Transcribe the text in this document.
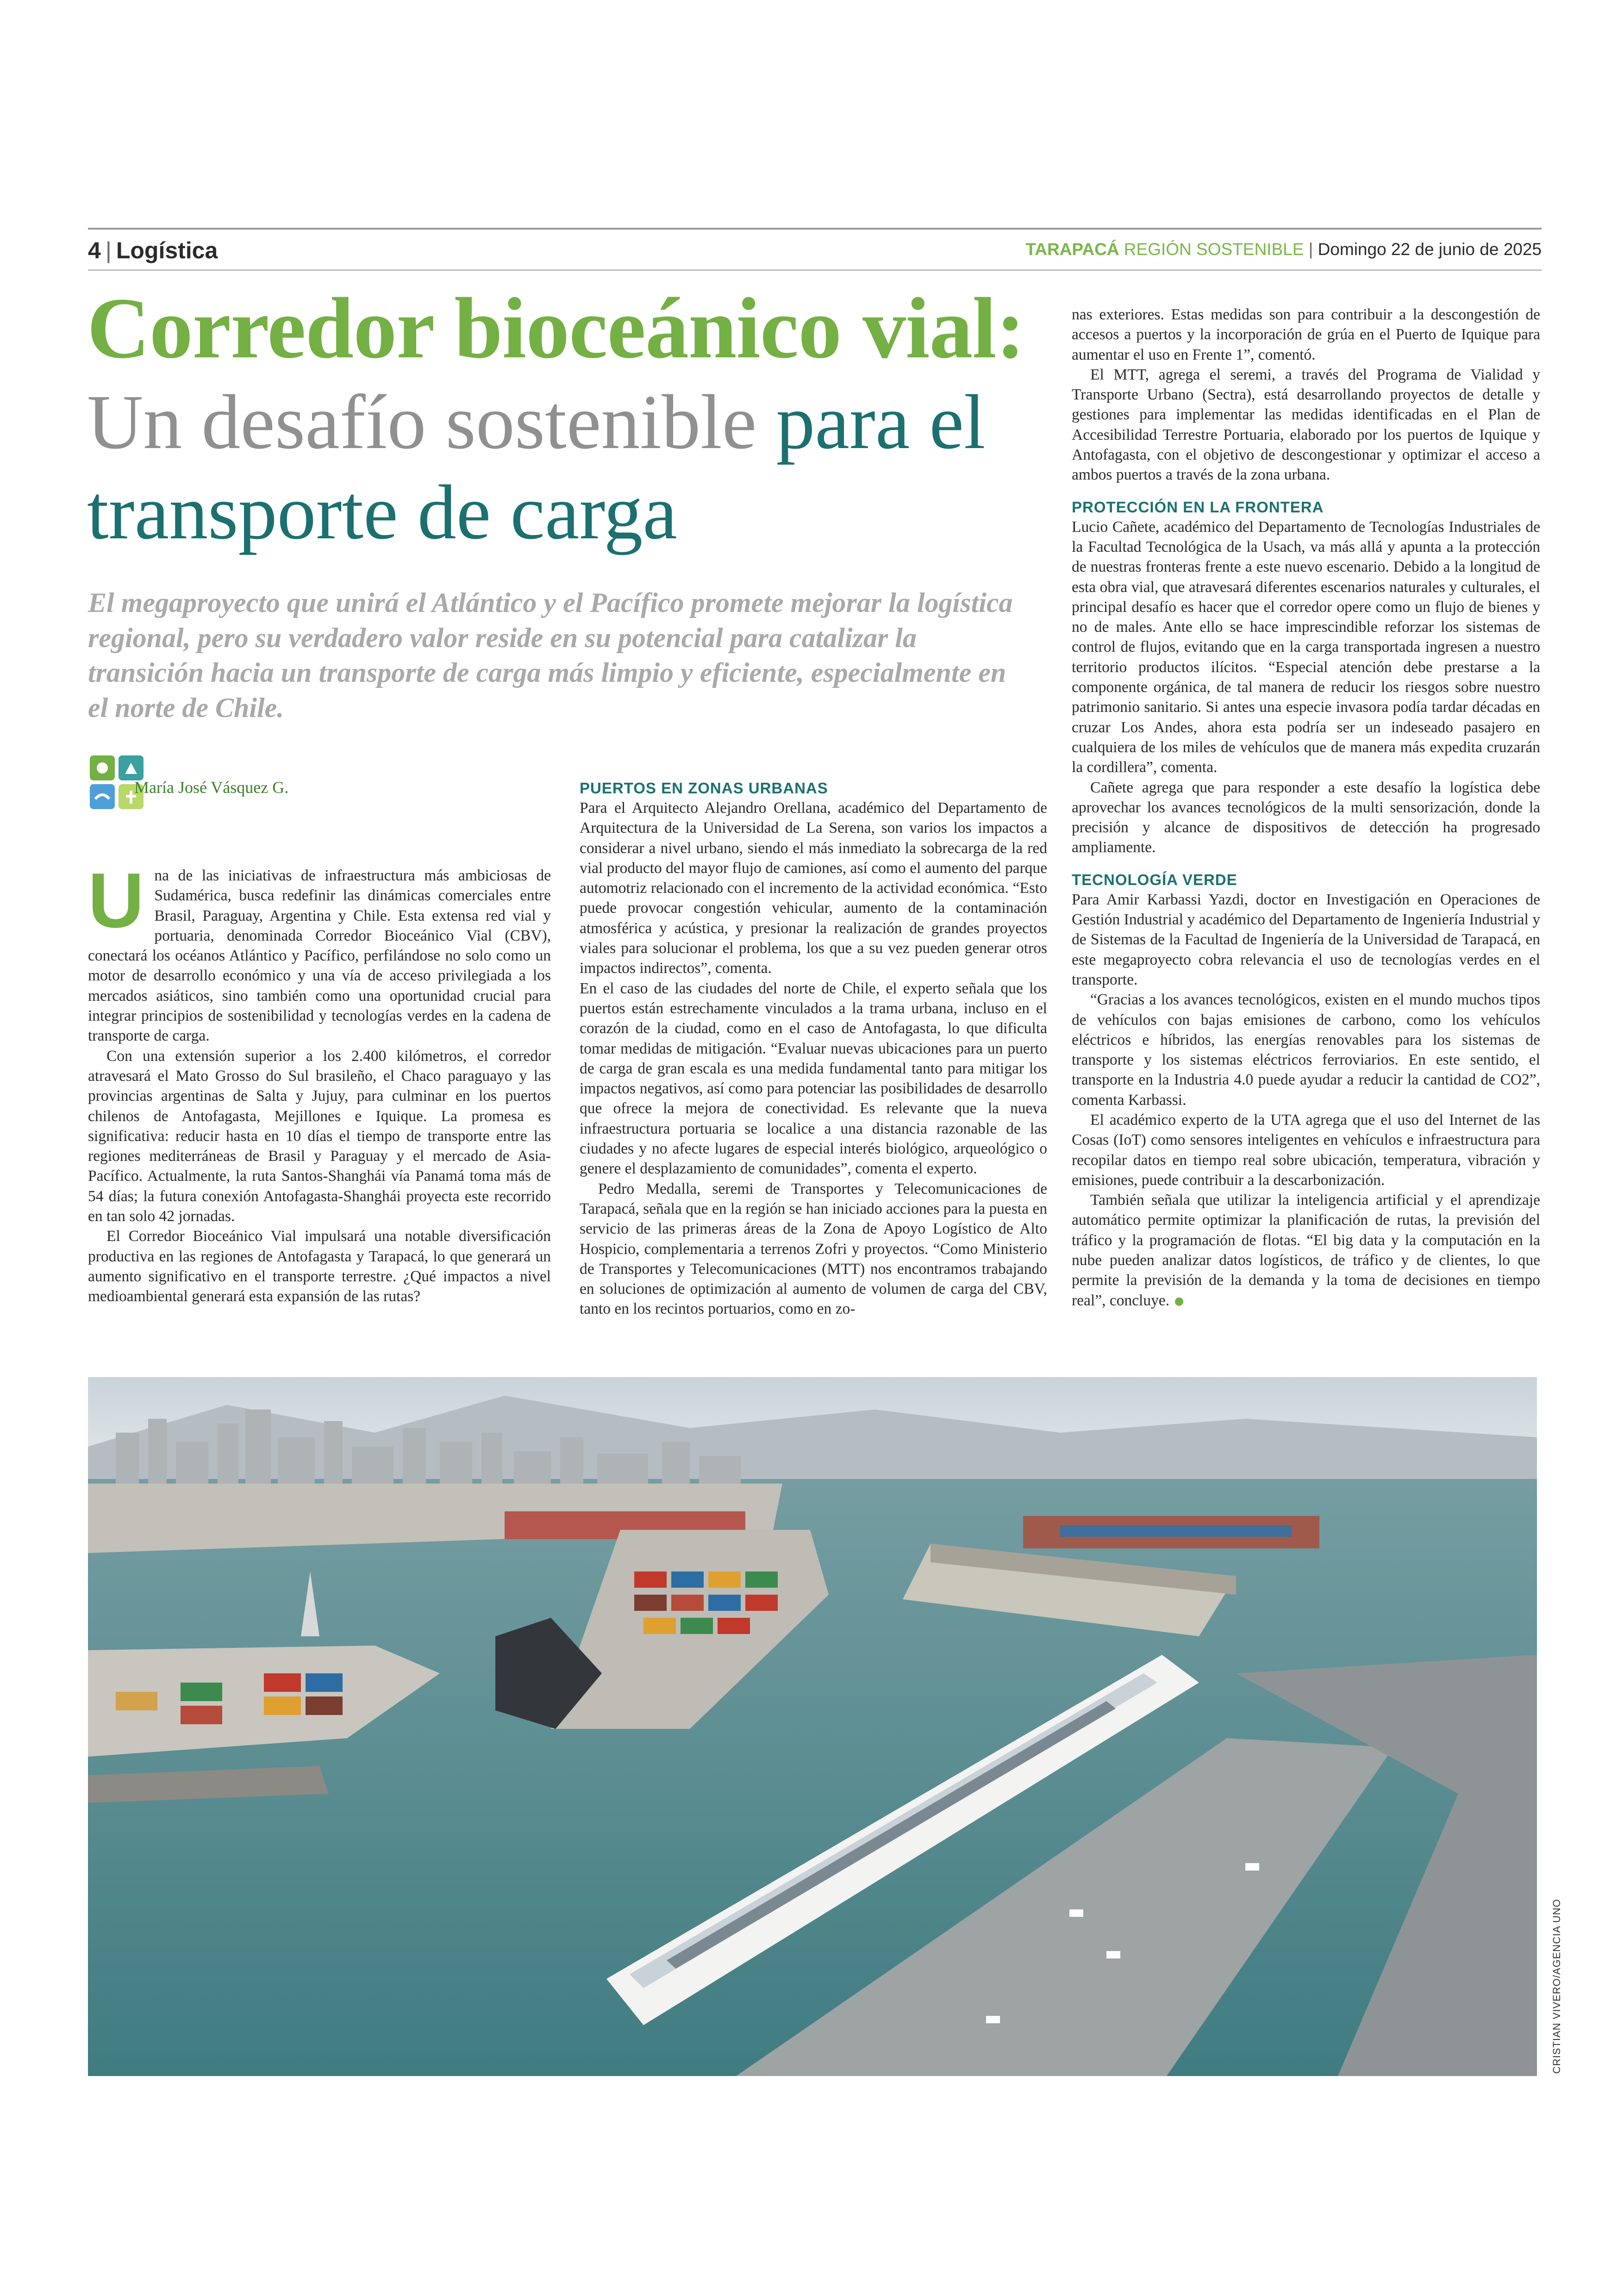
4 | Logística	TARAPACÁ REGIÓN SOSTENIBLE | Domingo 22 de junio de 2025
Corredor bioceánico vial:
Un desafío sostenible para el
transporte de carga
El megaproyecto que unirá el Atlántico y el Pacífico promete mejorar la logística regional, pero su verdadero valor reside en su potencial para catalizar la transición hacia un transporte de carga más limpio y eficiente, especialmente en el norte de Chile.
María José Vásquez G.

Una de las iniciativas de infraestructura más ambiciosas de Sudamérica, busca redefinir las dinámicas comerciales entre Brasil, Paraguay, Argentina y Chile. Esta extensa red vial y portuaria, denominada Corredor Bioceánico Vial (CBV), conectará los océanos Atlántico y Pacífico, perfilándose no solo como un motor de desarrollo económico y una vía de acceso privilegiada a los mercados asiáticos, sino también como una oportunidad crucial para integrar principios de sostenibilidad y tecnologías verdes en la cadena de transporte de carga.

Con una extensión superior a los 2.400 kilómetros, el corredor atravesará el Mato Grosso do Sul brasileño, el Chaco paraguayo y las provincias argentinas de Salta y Jujuy, para culminar en los puertos chilenos de Antofagasta, Mejillones e Iquique. La promesa es significativa: reducir hasta en 10 días el tiempo de transporte entre las regiones mediterráneas de Brasil y Paraguay y el mercado de Asia-Pacífico. Actualmente, la ruta Santos-Shanghái vía Panamá toma más de 54 días; la futura conexión Antofagasta-Shanghái proyecta este recorrido en tan solo 42 jornadas.

El Corredor Bioceánico Vial impulsará una notable diversificación productiva en las regiones de Antofagasta y Tarapacá, lo que generará un aumento significativo en el transporte terrestre. ¿Qué impactos a nivel medioambiental generará esta expansión de las rutas?

PUERTOS EN ZONAS URBANAS

Para el Arquitecto Alejandro Orellana, académico del Departamento de Arquitectura de la Universidad de La Serena, son varios los impactos a considerar a nivel urbano, siendo el más inmediato la sobrecarga de la red vial producto del mayor flujo de camiones, así como el aumento del parque automotriz relacionado con el incremento de la actividad económica. “Esto puede provocar congestión vehicular, aumento de la contaminación atmosférica y acústica, y presionar la realización de grandes proyectos viales para solucionar el problema, los que a su vez pueden generar otros impactos indirectos”, comenta.

En el caso de las ciudades del norte de Chile, el experto señala que los puertos están estrechamente vinculados a la trama urbana, incluso en el corazón de la ciudad, como en el caso de Antofagasta, lo que dificulta tomar medidas de mitigación. “Evaluar nuevas ubicaciones para un puerto de carga de gran escala es una medida fundamental tanto para mitigar los impactos negativos, así como para potenciar las posibilidades de desarrollo que ofrece la mejora de conectividad. Es relevante que la nueva infraestructura portuaria se localice a una distancia razonable de las ciudades y no afecte lugares de especial interés biológico, arqueológico o genere el desplazamiento de comunidades”, comenta el experto.

Pedro Medalla, seremi de Transportes y Telecomunicaciones de Tarapacá, señala que en la región se han iniciado acciones para la puesta en servicio de las primeras áreas de la Zona de Apoyo Logístico de Alto Hospicio, complementaria a terrenos Zofri y proyectos. “Como Ministerio de Transportes y Telecomunicaciones (MTT) nos encontramos trabajando en soluciones de optimización al aumento de volumen de carga del CBV, tanto en los recintos portuarios, como en zo-

nas exteriores. Estas medidas son para contribuir a la descongestión de accesos a puertos y la incorporación de grúa en el Puerto de Iquique para aumentar el uso en Frente 1”, comentó.

El MTT, agrega el seremi, a través del Programa de Vialidad y Transporte Urbano (Sectra), está desarrollando proyectos de detalle y gestiones para implementar las medidas identificadas en el Plan de Accesibilidad Terrestre Portuaria, elaborado por los puertos de Iquique y Antofagasta, con el objetivo de descongestionar y optimizar el acceso a ambos puertos a través de la zona urbana.

PROTECCIÓN EN LA FRONTERA

Lucio Cañete, académico del Departamento de Tecnologías Industriales de la Facultad Tecnológica de la Usach, va más allá y apunta a la protección de nuestras fronteras frente a este nuevo escenario. Debido a la longitud de esta obra vial, que atravesará diferentes escenarios naturales y culturales, el principal desafío es hacer que el corredor opere como un flujo de bienes y no de males. Ante ello se hace imprescindible reforzar los sistemas de control de flujos, evitando que en la carga transportada ingresen a nuestro territorio productos ilícitos. “Especial atención debe prestarse a la componente orgánica, de tal manera de reducir los riesgos sobre nuestro patrimonio sanitario. Si antes una especie invasora podía tardar décadas en cruzar Los Andes, ahora esta podría ser un indeseado pasajero en cualquiera de los miles de vehículos que de manera más expedita cruzarán la cordillera”, comenta.

Cañete agrega que para responder a este desafío la logística debe aprovechar los avances tecnológicos de la multi sensorización, donde la precisión y alcance de dispositivos de detección ha progresado ampliamente.

TECNOLOGÍA VERDE

Para Amir Karbassi Yazdi, doctor en Investigación en Operaciones de Gestión Industrial y académico del Departamento de Ingeniería Industrial y de Sistemas de la Facultad de Ingeniería de la Universidad de Tarapacá, en este megaproyecto cobra relevancia el uso de tecnologías verdes en el transporte.

“Gracias a los avances tecnológicos, existen en el mundo muchos tipos de vehículos con bajas emisiones de carbono, como los vehículos eléctricos e híbridos, las energías renovables para los sistemas de transporte y los sistemas eléctricos ferroviarios. En este sentido, el transporte en la Industria 4.0 puede ayudar a reducir la cantidad de CO2”, comenta Karbassi.

El académico experto de la UTA agrega que el uso del Internet de las Cosas (IoT) como sensores inteligentes en vehículos e infraestructura para recopilar datos en tiempo real sobre ubicación, temperatura, vibración y emisiones, puede contribuir a la descarbonización.

También señala que utilizar la inteligencia artificial y el aprendizaje automático permite optimizar la planificación de rutas, la previsión del tráfico y la programación de flotas. “El big data y la computación en la nube pueden analizar datos logísticos, de tráfico y de clientes, lo que permite la previsión de la demanda y la toma de decisiones en tiempo real”, concluye.

CRISTIAN VIVERO/AGENCIA UNO
